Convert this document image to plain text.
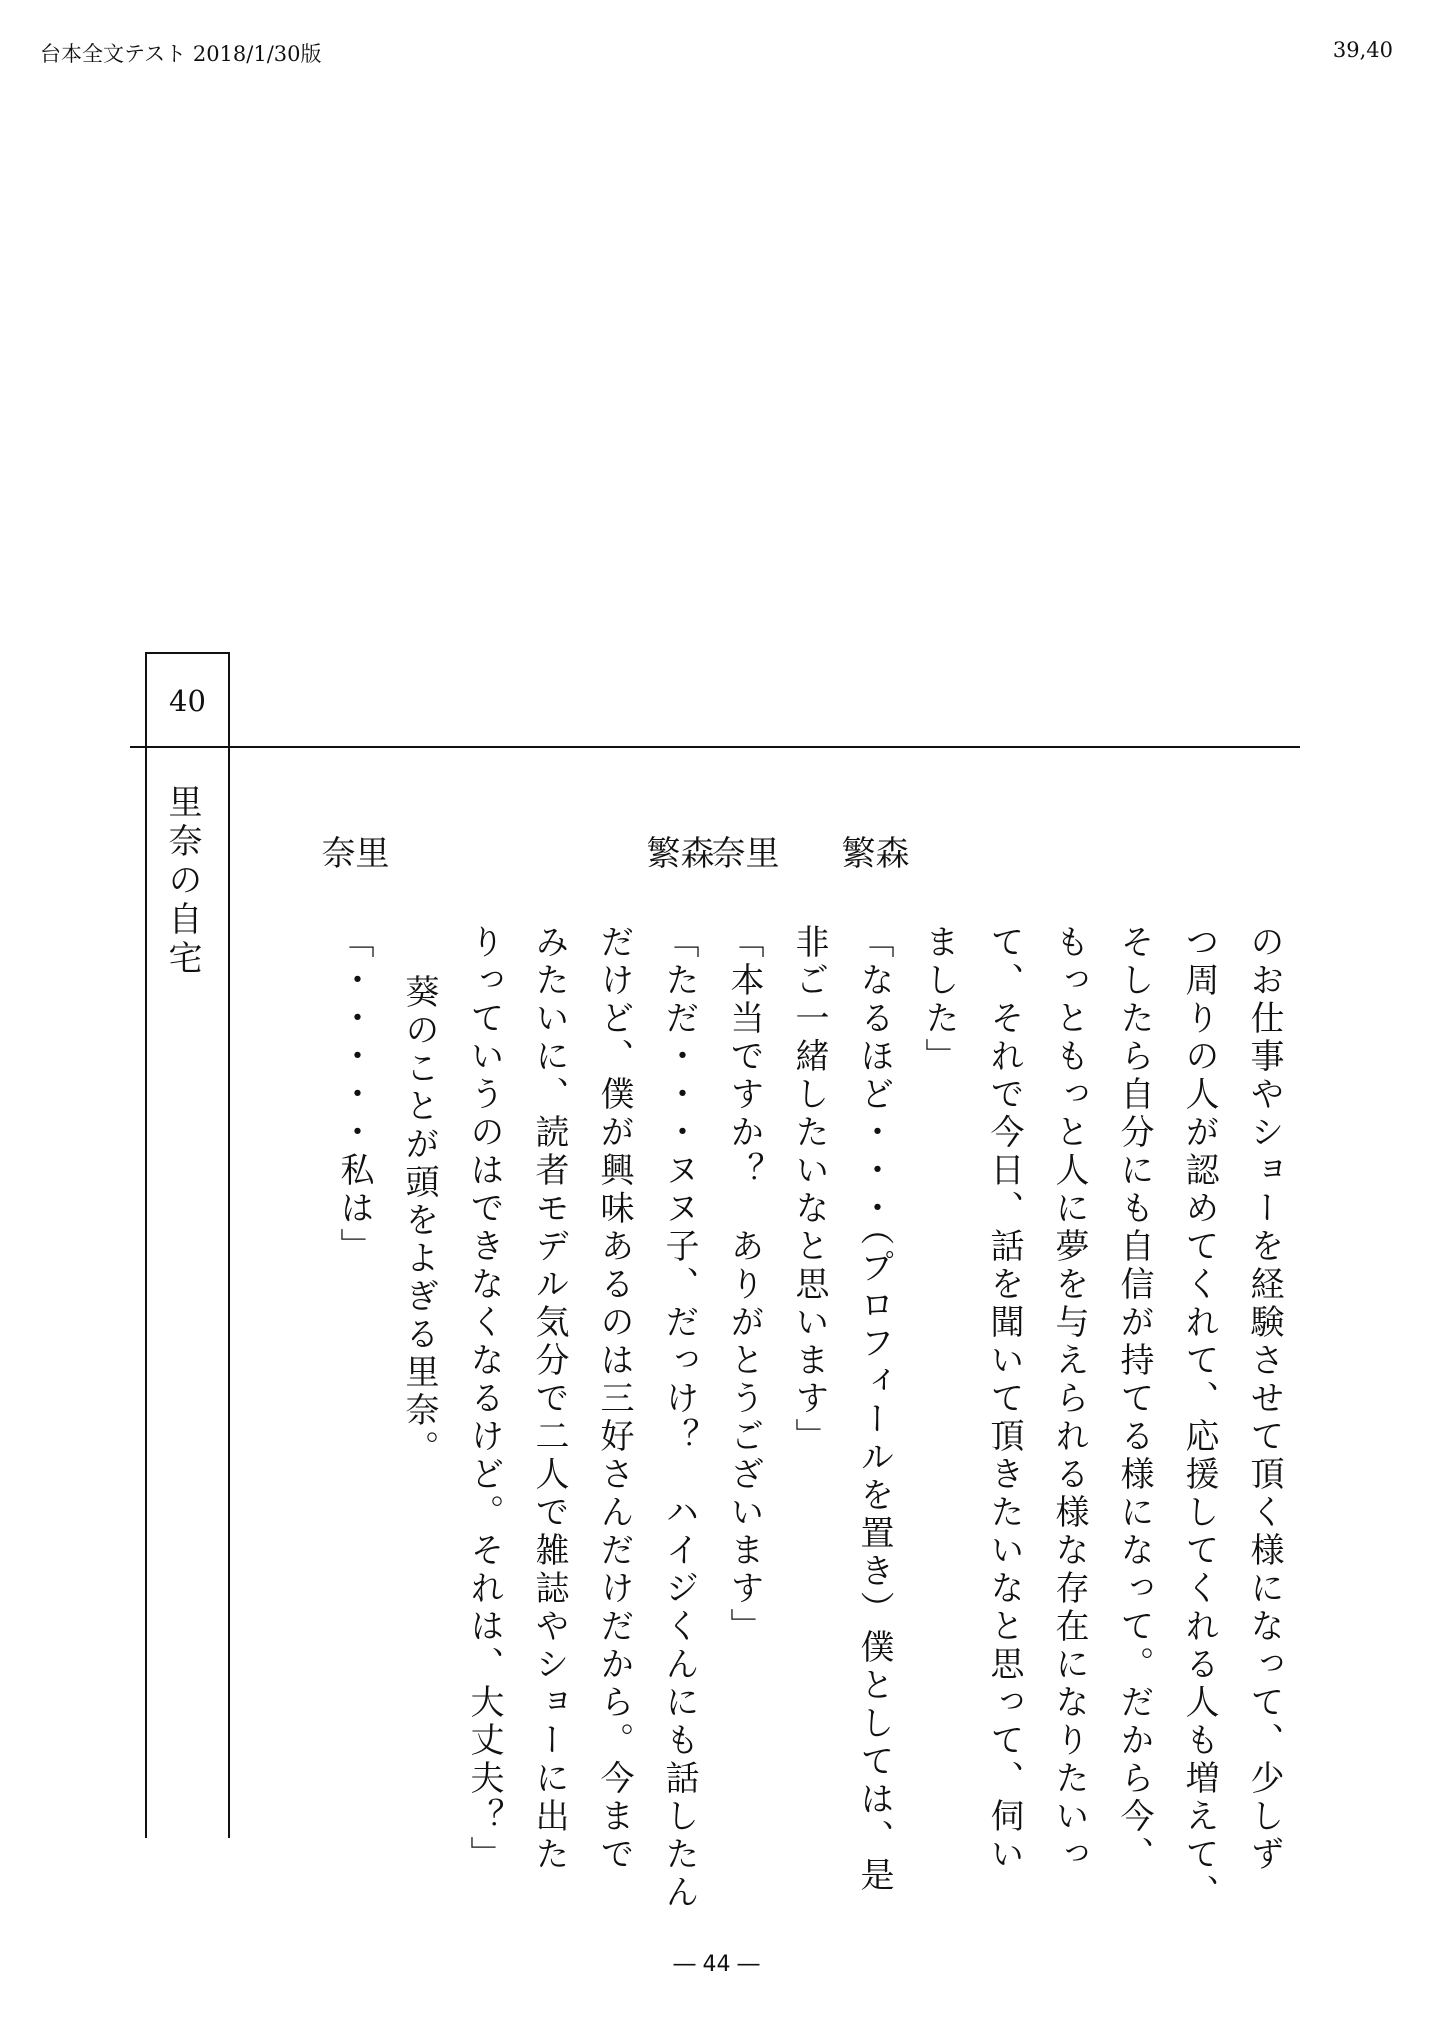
台本全文テスト 2018/1/30版	39,40
40
里奈の自宅
のお仕事やショーを経験させて頂く様になって、少しず
つ周りの人が認めてくれて、応援してくれる人も増えて、
そしたら自分にも自信が持てる様になって。だから今、
もっともっと人に夢を与えられる様な存在になりたいっ
て、それで今日、話を聞いて頂きたいなと思って、伺い
ました」
森
繁
「なるほど・・・（プロフィールを置き）僕としては、是
非ご一緒したいなと思います」
里
奈
「本当ですか？　ありがとうございます」
森
繁
「ただ・・・ヌヌ子、だっけ？　ハイジくんにも話したん
だけど、僕が興味あるのは三好さんだけだから。今まで
みたいに、読者モデル気分で二人で雑誌やショーに出た
りっていうのはできなくなるけど。それは、大丈夫？」
葵のことが頭をよぎる里奈。
里
奈
「・・・・・私は」
― 44 ―
